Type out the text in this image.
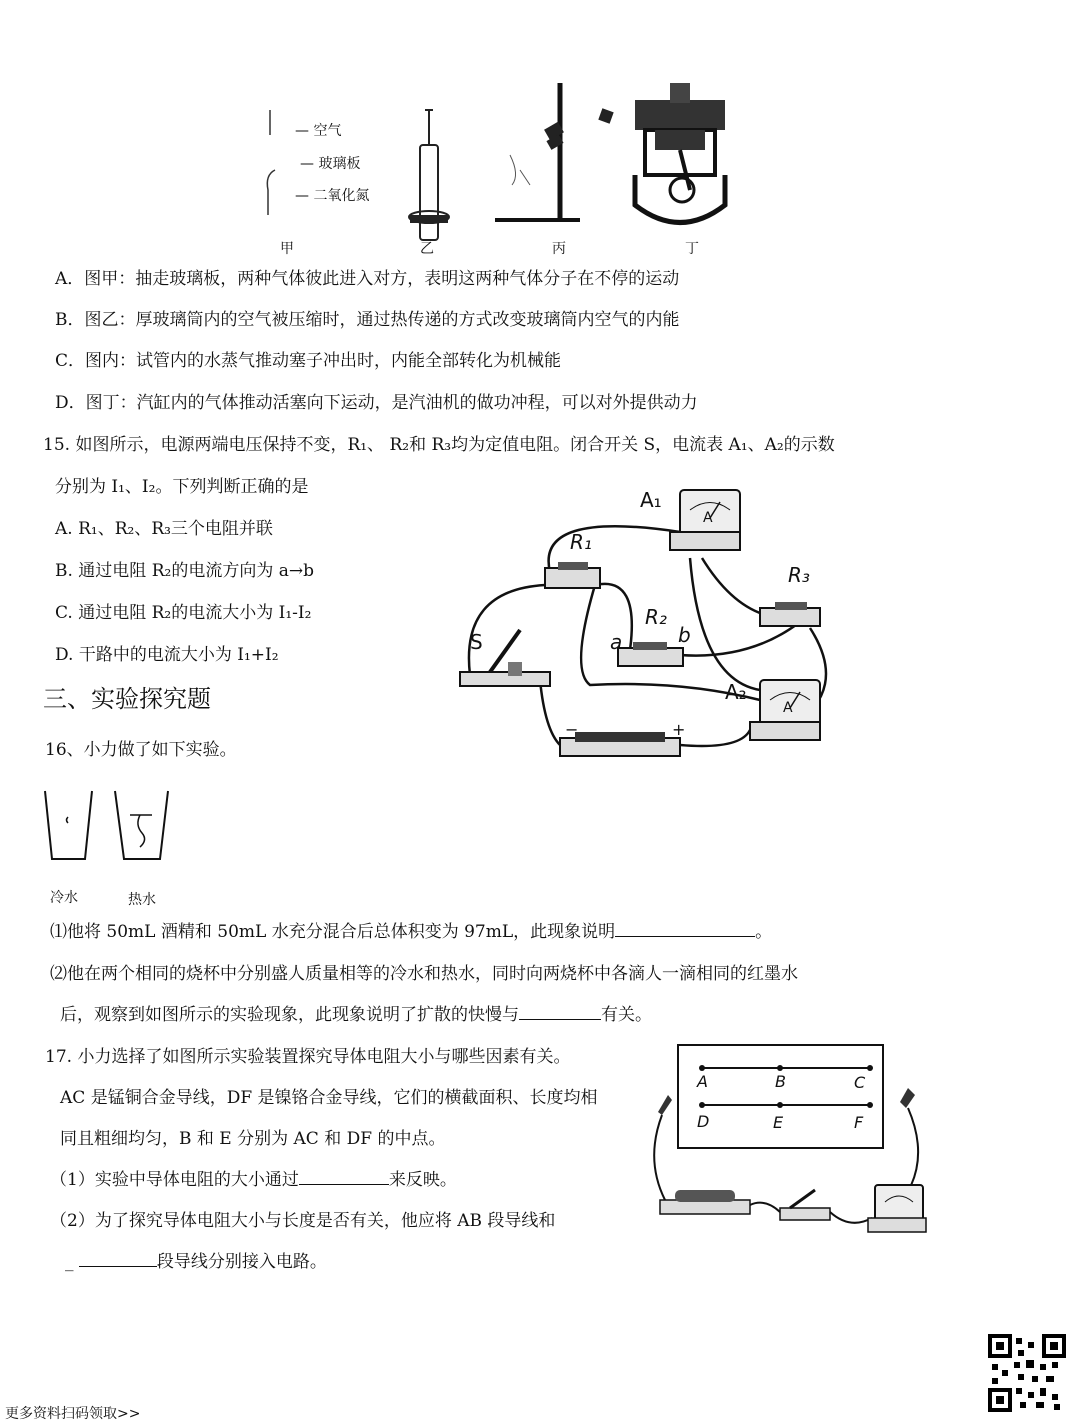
— 空气
— 玻璃板
— 二氧化氮
甲	乙	丙	丁
A．图甲：抽走玻璃板，两种气体彼此进入对方，表明这两种气体分子在不停的运动
B．图乙：厚玻璃筒内的空气被压缩时，通过热传递的方式改变玻璃筒内空气的内能
C．图内：试管内的水蒸气推动塞子冲出时，内能全部转化为机械能
D．图丁：汽缸内的气体推动活塞向下运动，是汽油机的做功冲程，可以对外提供动力
15. 如图所示，电源两端电压保持不变，R₁、 R₂和 R₃均为定值电阻。闭合开关 S，电流表 A₁、A₂的示数
分别为 I₁、I₂。下列判断正确的是
A. R₁、R₂、R₃三个电阻并联
B. 通过电阻 R₂的电流方向为 a→b
C. 通过电阻 R₂的电流大小为 I₁-I₂
D. 干路中的电流大小为 I₁+I₂
A₁
A
R₁
R₃
R₂
a	b
S
A₂
A
−	+
三、实验探究题
16、小力做了如下实验。
冷水	热水
⑴他将 50mL 酒精和 50mL 水充分混合后总体积变为 97mL，此现象说明	。
⑵他在两个相同的烧杯中分别盛人质量相等的冷水和热水，同时向两烧杯中各滴人一滴相同的红墨水
后，观察到如图所示的实验现象，此现象说明了扩散的快慢与	有关。
17. 小力选择了如图所示实验装置探究导体电阻大小与哪些因素有关。
AC 是锰铜合金导线，DF 是镍铬合金导线，它们的横截面积、长度均相
同且粗细均匀，B 和 E 分别为 AC 和 DF 的中点。
（1）实验中导体电阻的大小通过	来反映。
（2）为了探究导体电阻大小与长度是否有关，他应将 AB 段导线和
_	段导线分别接入电路。
A	B	C
D	E	F
更多资料扫码领取>>
